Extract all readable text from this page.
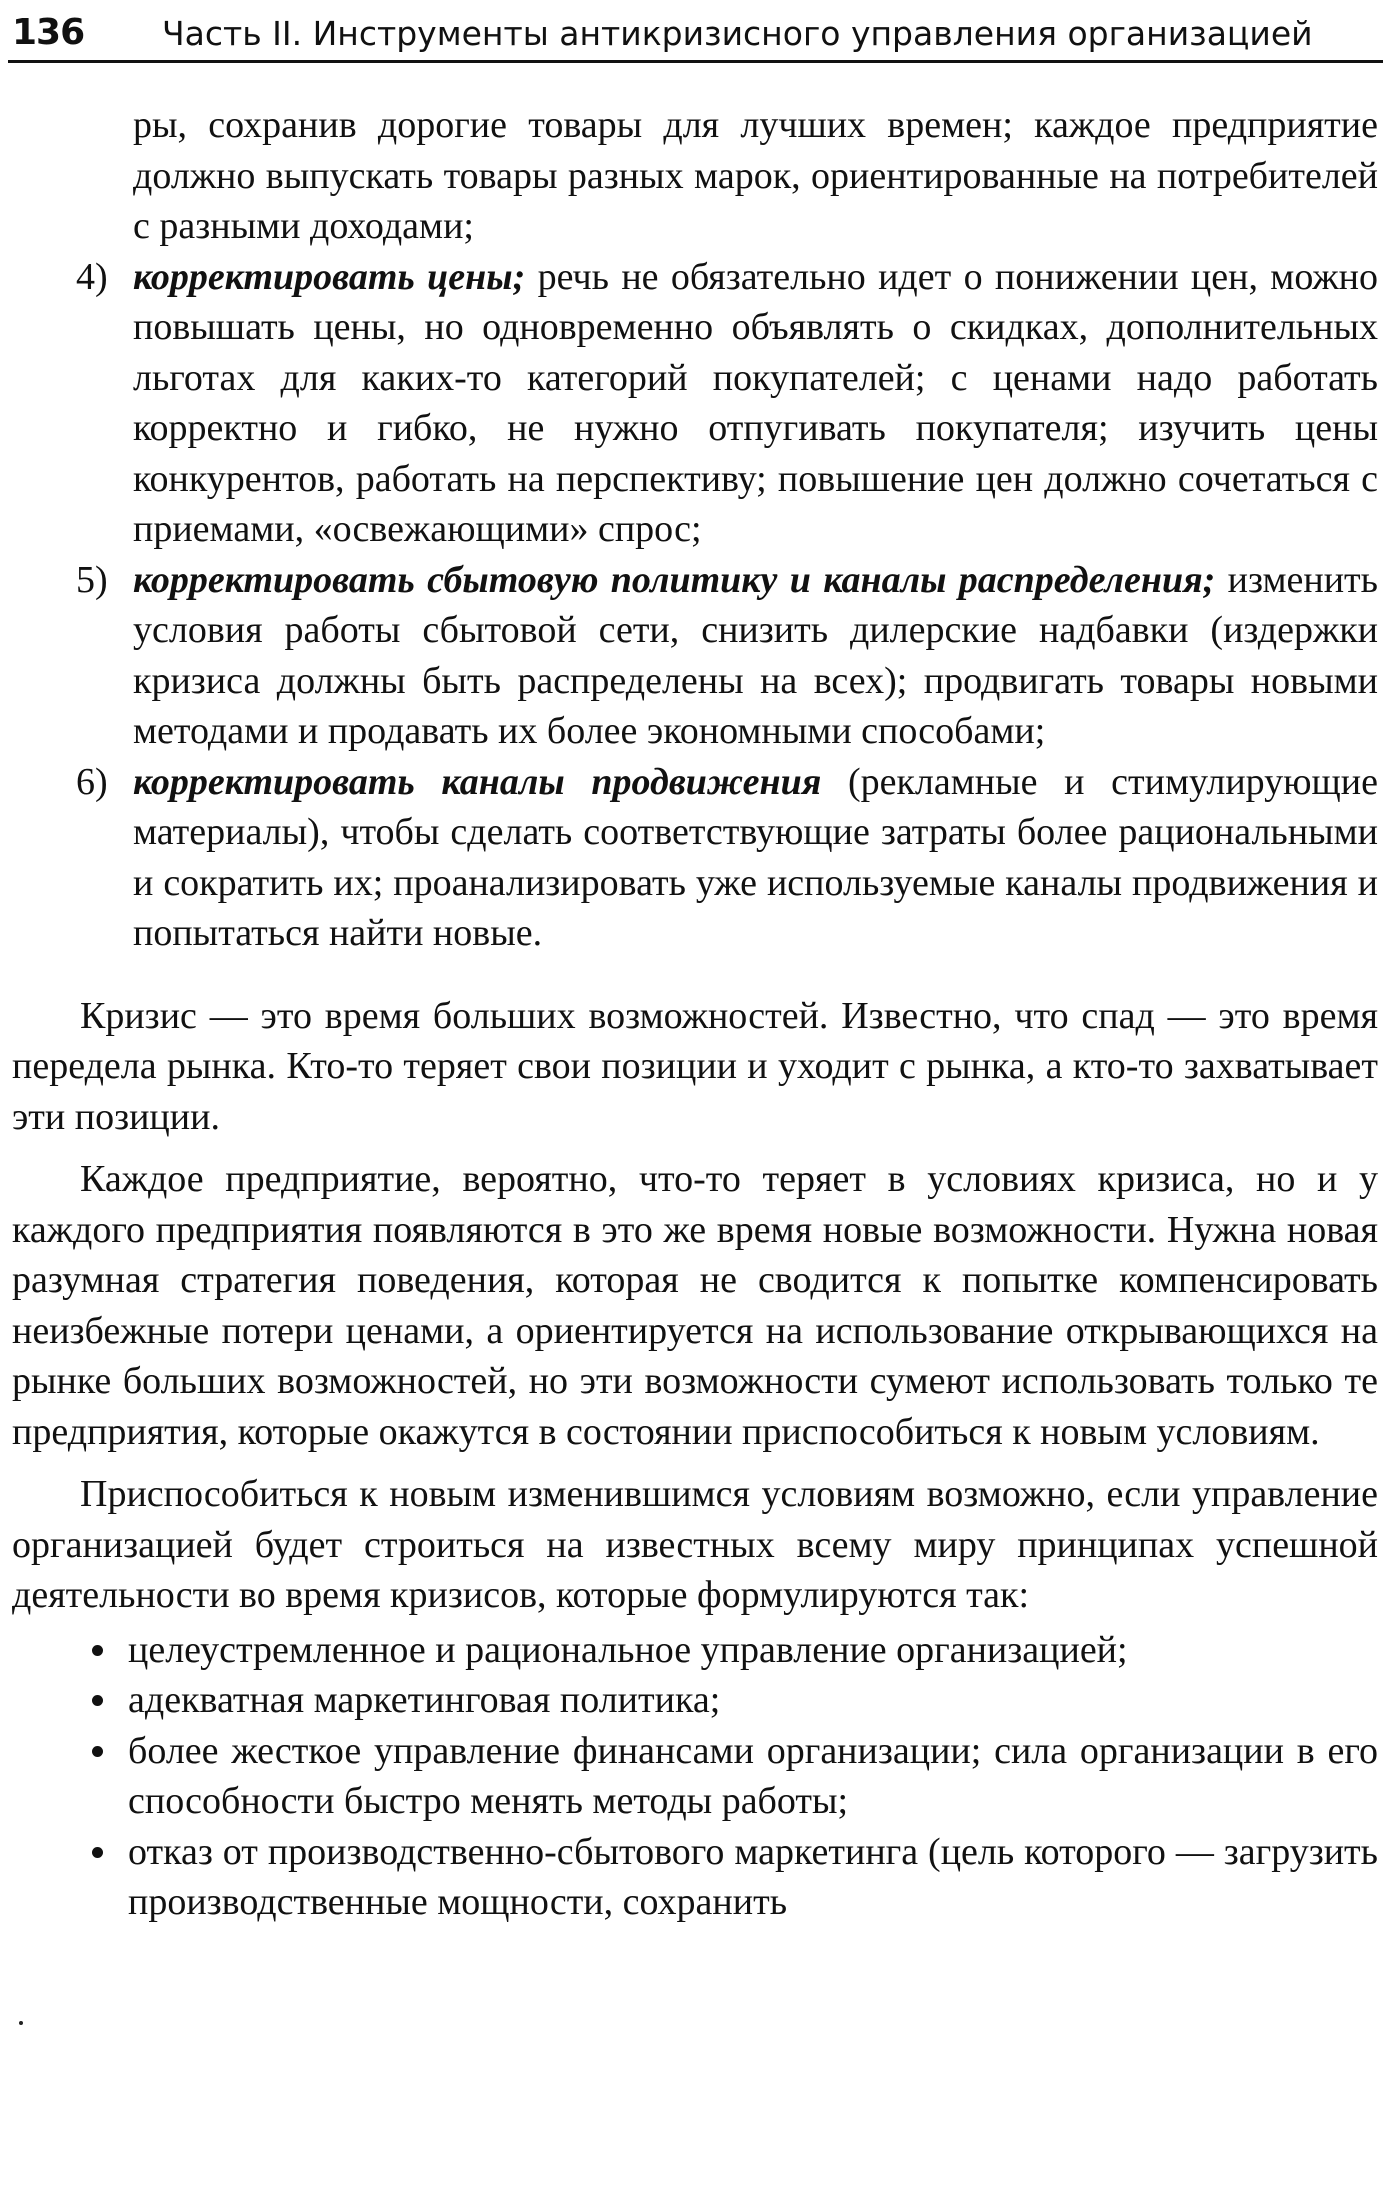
136 Часть II. Инструменты антикризисного управления организацией

ры, сохранив дорогие товары для лучших времен; каждое предприятие должно выпускать товары разных марок, ориентированные на потребителей с разными доходами;

4) корректировать цены; речь не обязательно идет о понижении цен, можно повышать цены, но одновременно объявлять о скидках, дополнительных льготах для каких-то категорий покупателей; с ценами надо работать корректно и гибко, не нужно отпугивать покупателя; изучить цены конкурентов, работать на перспективу; повышение цен должно сочетаться с приемами, «освежающими» спрос;

5) корректировать сбытовую политику и каналы распределения; изменить условия работы сбытовой сети, снизить дилерские надбавки (издержки кризиса должны быть распределены на всех); продвигать товары новыми методами и продавать их более экономными способами;

6) корректировать каналы продвижения (рекламные и стимулирующие материалы), чтобы сделать соответствующие затраты более рациональными и сократить их; проанализировать уже используемые каналы продвижения и попытаться найти новые.

Кризис — это время больших возможностей. Известно, что спад — это время передела рынка. Кто-то теряет свои позиции и уходит с рынка, а кто-то захватывает эти позиции.

Каждое предприятие, вероятно, что-то теряет в условиях кризиса, но и у каждого предприятия появляются в это же время новые возможности. Нужна новая разумная стратегия поведения, которая не сводится к попытке компенсировать неизбежные потери ценами, а ориентируется на использование открывающихся на рынке больших возможностей, но эти возможности сумеют использовать только те предприятия, которые окажутся в состоянии приспособиться к новым условиям.

Приспособиться к новым изменившимся условиям возможно, если управление организацией будет строиться на известных всему миру принципах успешной деятельности во время кризисов, которые формулируются так:

целеустремленное и рациональное управление организацией;
адекватная маркетинговая политика;
более жесткое управление финансами организации; сила организации в его способности быстро менять методы работы;
отказ от производственно-сбытового маркетинга (цель которого — загрузить производственные мощности, сохранить
